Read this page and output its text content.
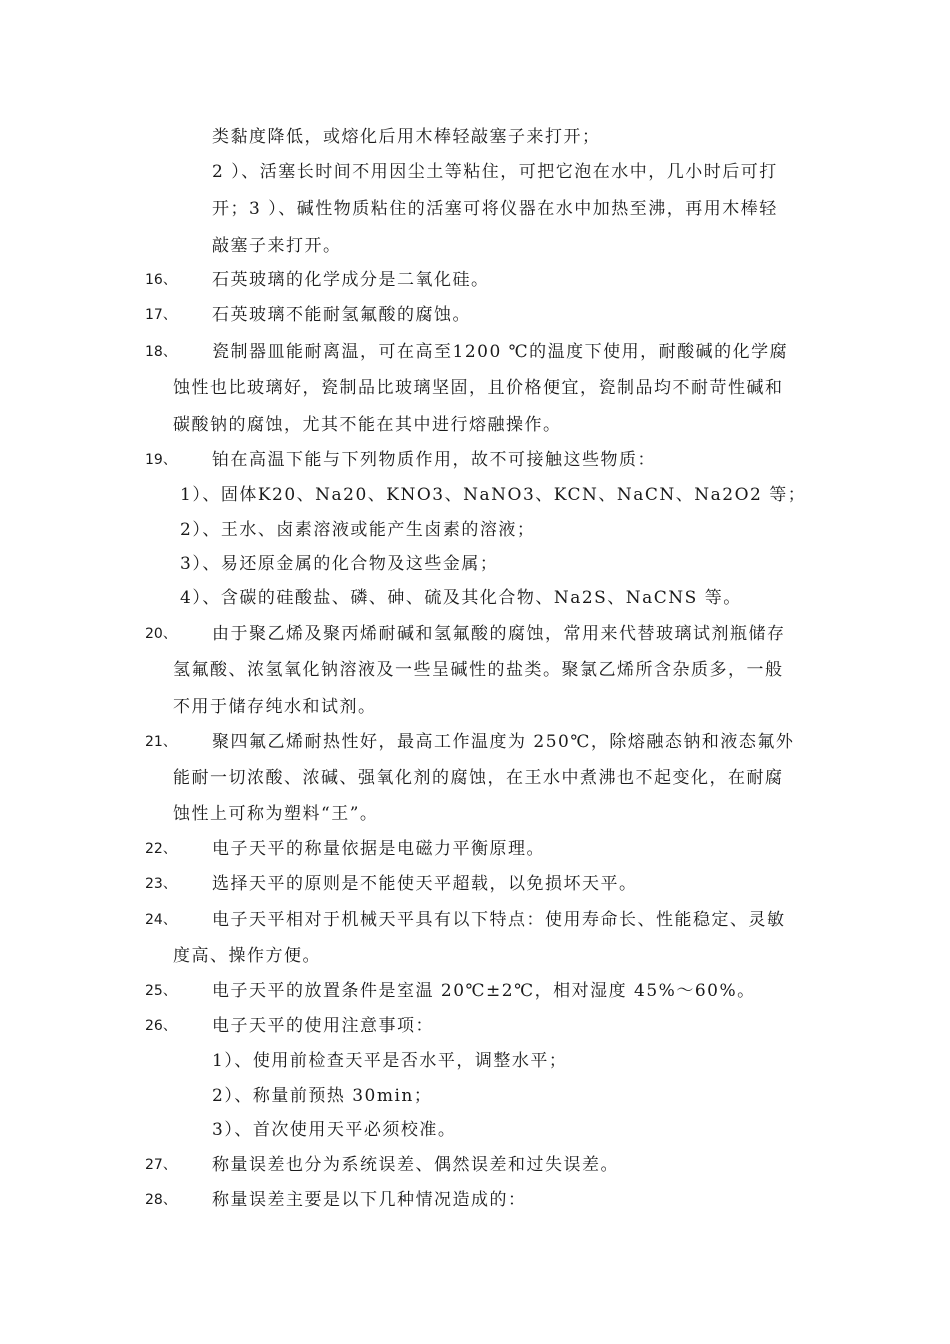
类黏度降低，或熔化后用木棒轻敲塞子来打开；
2 ）、活塞长时间不用因尘土等粘住，可把它泡在水中，几小时后可打
开；3 ）、碱性物质粘住的活塞可将仪器在水中加热至沸，再用木棒轻
敲塞子来打开。
16、 石英玻璃的化学成分是二氧化硅。
17、 石英玻璃不能耐氢氟酸的腐蚀。
18、 瓷制器皿能耐离温，可在高至1200 ℃的温度下使用，耐酸碱的化学腐
蚀性也比玻璃好，瓷制品比玻璃坚固，且价格便宜，瓷制品均不耐苛性碱和
碳酸钠的腐蚀，尤其不能在其中进行熔融操作。
19、 铂在高温下能与下列物质作用，故不可接触这些物质：
1）、固体K20、Na20、KNO3、NaNO3、KCN、NaCN、Na2O2 等；
2）、王水、卤素溶液或能产生卤素的溶液；
3）、易还原金属的化合物及这些金属；
4）、含碳的硅酸盐、磷、砷、硫及其化合物、Na2S、NaCNS 等。
20、 由于聚乙烯及聚丙烯耐碱和氢氟酸的腐蚀，常用来代替玻璃试剂瓶储存
氢氟酸、浓氢氧化钠溶液及一些呈碱性的盐类。聚氯乙烯所含杂质多，一般
不用于储存纯水和试剂。
21、 聚四氟乙烯耐热性好，最高工作温度为 250℃，除熔融态钠和液态氟外
能耐一切浓酸、浓碱、强氧化剂的腐蚀，在王水中煮沸也不起变化，在耐腐
蚀性上可称为塑料“王”。
22、 电子天平的称量依据是电磁力平衡原理。
23、 选择天平的原则是不能使天平超载，以免损坏天平。
24、 电子天平相对于机械天平具有以下特点：使用寿命长、性能稳定、灵敏
度高、操作方便。
25、 电子天平的放置条件是室温 20℃±2℃，相对湿度 45%～60%。
26、 电子天平的使用注意事项：
1）、使用前检查天平是否水平，调整水平；
2）、称量前预热 30min；
3）、首次使用天平必须校准。
27、 称量误差也分为系统误差、偶然误差和过失误差。
28、 称量误差主要是以下几种情况造成的：
